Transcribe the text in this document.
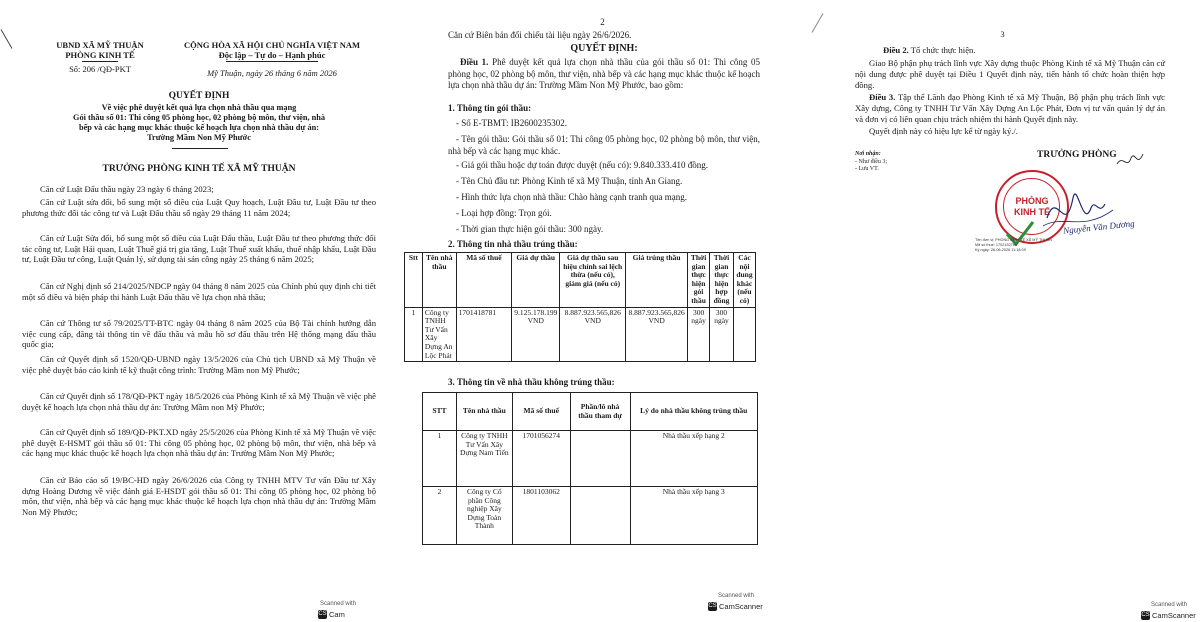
UBND XÃ MỸ THUẬN
PHÒNG KINH TẾ
Số: 206 /QĐ-PKT
CỘNG HÒA XÃ HỘI CHỦ NGHĨA VIỆT NAM
Độc lập – Tự do – Hạnh phúc
Mỹ Thuận, ngày 26 tháng 6 năm 2026
QUYẾT ĐỊNH
Về việc phê duyệt kết quả lựa chọn nhà thầu qua mạng
Gói thầu số 01: Thi công 05 phòng học, 02 phòng bộ môn, thư viện, nhà
bếp và các hạng mục khác thuộc kế hoạch lựa chọn nhà thầu dự án:
Trường Mầm Non Mỹ Phước
TRƯỞNG PHÒNG KINH TẾ XÃ MỸ THUẬN
Căn cứ Luật Đấu thầu ngày 23 ngày 6 tháng 2023;
Căn cứ Luật sửa đổi, bổ sung một số điều của Luật Quy hoạch, Luật Đầu tư, Luật Đầu tư theo phương thức đối tác công tư và Luật Đấu thầu số ngày 29 tháng 11 năm 2024;
Căn cứ Luật Sửa đổi, bổ sung một số điều của Luật Đấu thầu, Luật Đầu tư theo phương thức đối tác công tư, Luật Hải quan, Luật Thuế giá trị gia tăng, Luật Thuế xuất khẩu, thuế nhập khẩu, Luật Đầu tư, Luật Đầu tư công, Luật Quản lý, sử dụng tài sản công ngày 25 tháng 6 năm 2025;
Căn cứ Nghị định số 214/2025/NĐCP ngày 04 tháng 8 năm 2025 của Chính phủ quy định chi tiết một số điều và biện pháp thi hành Luật Đấu thầu về lựa chọn nhà thầu;
Căn cứ Thông tư số 79/2025/TT-BTC ngày 04 tháng 8 năm 2025 của Bộ Tài chính hướng dẫn việc cung cấp, đăng tải thông tin về đấu thầu và mẫu hồ sơ đấu thầu trên Hệ thống mạng đấu thầu quốc gia;
Căn cứ Quyết định số 1520/QĐ-UBND ngày 13/5/2026 của Chủ tịch UBND xã Mỹ Thuận về việc phê duyệt báo cáo kinh tế kỹ thuật công trình: Trường Mầm non Mỹ Phước;
Căn cứ Quyết định số 178/QĐ-PKT ngày 18/5/2026 của Phòng Kinh tế xã Mỹ Thuận về việc phê duyệt kế hoạch lựa chọn nhà thầu dự án: Trường Mầm non Mỹ Phước;
Căn cứ Quyết định số 189/QĐ-PKT.XD ngày 25/5/2026 của Phòng Kinh tế xã Mỹ Thuận về việc phê duyệt E-HSMT gói thầu số 01: Thi công 05 phòng học, 02 phòng bộ môn, thư viện, nhà bếp và các hạng mục khác thuộc kế hoạch lựa chọn nhà thầu dự án: Trường Mầm Non Mỹ Phước;
Căn cứ Báo cáo số 19/BC-HD ngày 26/6/2026 của Công ty TNHH MTV Tư vấn Đầu tư Xây dựng Hoàng Dương về việc đánh giá E-HSDT gói thầu số 01: Thi công 05 phòng học, 02 phòng bộ môn, thư viện, nhà bếp và các hạng mục khác thuộc kế hoạch lựa chọn nhà thầu dự án: Trường Mầm Non Mỹ Phước;
Scanned with
CS Cam
2
Căn cứ Biên bản đối chiếu tài liệu ngày 26/6/2026.
QUYẾT ĐỊNH:
Điều 1. Phê duyệt kết quả lựa chọn nhà thầu của gói thầu số 01: Thi công 05 phòng học, 02 phòng bộ môn, thư viện, nhà bếp và các hạng mục khác thuộc kế hoạch lựa chọn nhà thầu dự án: Trường Mầm Non Mỹ Phước, bao gồm:
1. Thông tin gói thầu:
- Số E-TBMT: IB2600235302.
- Tên gói thầu: Gói thầu số 01: Thi công 05 phòng học, 02 phòng bộ môn, thư viện, nhà bếp và các hạng mục khác.
- Giá gói thầu hoặc dự toán được duyệt (nếu có): 9.840.333.410 đồng.
- Tên Chủ đầu tư: Phòng Kinh tế xã Mỹ Thuận, tỉnh An Giang.
- Hình thức lựa chọn nhà thầu: Chào hàng cạnh tranh qua mạng.
- Loại hợp đồng: Trọn gói.
- Thời gian thực hiện gói thầu: 300 ngày.
2. Thông tin nhà thầu trúng thầu:
Stt	Tên nhà thầu	Mã số thuế	Giá dự thầu	Giá dự thầu sau hiệu chỉnh sai lệch thừa (nếu có), giảm giá (nếu có)	Giá trúng thầu	Thời gian thực hiện gói thầu	Thời gian thực hiện hợp đồng	Các nội dung khác (nếu có)
1	Công ty TNHH Tư Vấn Xây Dựng An Lộc Phát	1701418781	9.125.178.199 VND	8.887.923.565,826 VND	8.887.923.565,826 VND	300 ngày	300 ngày	
3. Thông tin về nhà thầu không trúng thầu:
STT	Tên nhà thầu	Mã số thuế	Phần/lô nhà thầu tham dự	Lý do nhà thầu không trúng thầu
1	Công ty TNHH Tư Vấn Xây Dựng Nam Tiến	1701056274		Nhà thầu xếp hạng 2
2	Công ty Cổ phần Công nghiệp Xây Dựng Toàn Thành	1801103062		Nhà thầu xếp hạng 3
Scanned with
CS CamScanner
3
Điều 2. Tổ chức thực hiện.
Giao Bộ phận phụ trách lĩnh vực Xây dựng thuộc Phòng Kinh tế xã Mỹ Thuận căn cứ nội dung được phê duyệt tại Điều 1 Quyết định này, tiến hành tổ chức hoàn thiện hợp đồng.
Điều 3. Tập thể Lãnh đạo Phòng Kinh tế xã Mỹ Thuận, Bộ phận phụ trách lĩnh vực Xây dựng, Công ty TNHH Tư Vấn Xây Dựng An Lộc Phát, Đơn vị tư vấn quản lý dự án và đơn vị có liên quan chịu trách nhiệm thi hành Quyết định này.
Quyết định này có hiệu lực kể từ ngày ký./.
Nơi nhận:
- Như điều 3;
- Lưu VT.
TRƯỞNG PHÒNG
PHÒNG KINH TẾ
Nguyễn Văn Dương
Tên đơn vị: PHÒNG KINH TẾ XÃ MỸ THUẬN
Mã số thuế: 1702152789
Ký ngày: 26-06-2026 11:18:09
Scanned with
CS CamScanner
